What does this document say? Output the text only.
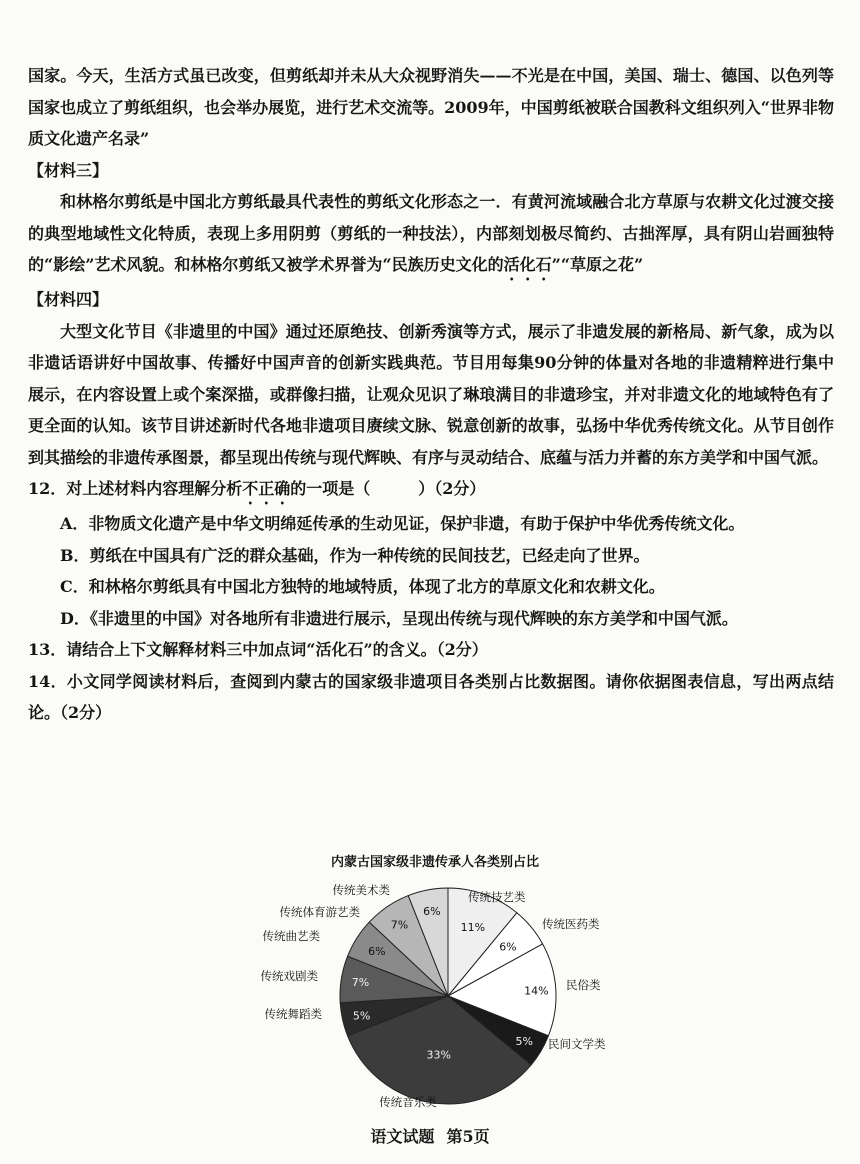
国家。今天，生活方式虽已改变，但剪纸却并未从大众视野消失——不光是在中国，美国、瑞士、德国、以色列等国家也成立了剪纸组织，也会举办展览，进行艺术交流等。2009年，中国剪纸被联合国教科文组织列入“世界非物质文化遗产名录”

【材料三】

和林格尔剪纸是中国北方剪纸最具代表性的剪纸文化形态之一．有黄河流域融合北方草原与农耕文化过渡交接的典型地域性文化特质，表现上多用阴剪（剪纸的一种技法），内部刻划极尽简约、古拙浑厚，具有阴山岩画独特的“影绘”艺术风貌。和林格尔剪纸又被学术界誉为“民族历史文化的活化石”“草原之花”

【材料四】

大型文化节目《非遗里的中国》通过还原绝技、创新秀演等方式，展示了非遗发展的新格局、新气象，成为以非遗话语讲好中国故事、传播好中国声音的创新实践典范。节目用每集90分钟的体量对各地的非遗精粹进行集中展示，在内容设置上或个案深描，或群像扫描，让观众见识了琳琅满目的非遗珍宝，并对非遗文化的地域特色有了更全面的认知。该节目讲述新时代各地非遗项目赓续文脉、锐意创新的故事，弘扬中华优秀传统文化。从节目创作到其描绘的非遗传承图景，都呈现出传统与现代辉映、有序与灵动结合、底蕴与活力并蓄的东方美学和中国气派。

12．对上述材料内容理解分析不正确的一项是（　　　）（2分）

A．非物质文化遗产是中华文明绵延传承的生动见证，保护非遗，有助于保护中华优秀传统文化。

B．剪纸在中国具有广泛的群众基础，作为一种传统的民间技艺，已经走向了世界。

C．和林格尔剪纸具有中国北方独特的地域特质，体现了北方的草原文化和农耕文化。

D．《非遗里的中国》对各地所有非遗进行展示，呈现出传统与现代辉映的东方美学和中国气派。

13．请结合上下文解释材料三中加点词“活化石”的含义。（2分）

14．小文同学阅读材料后，查阅到内蒙古的国家级非遗项目各类别占比数据图。请你依据图表信息，写出两点结论。（2分）

内蒙古国家级非遗传承人各类别占比
11%
传统技艺类
6%
传统医药类
14% 民俗类
5% 民间文学类
33%
传统音乐类
5%
传统舞蹈类
7%
传统戏剧类
6%
传统曲艺类
7%
传统体育游艺类	6%
传统美术类
语文试题 第5页
